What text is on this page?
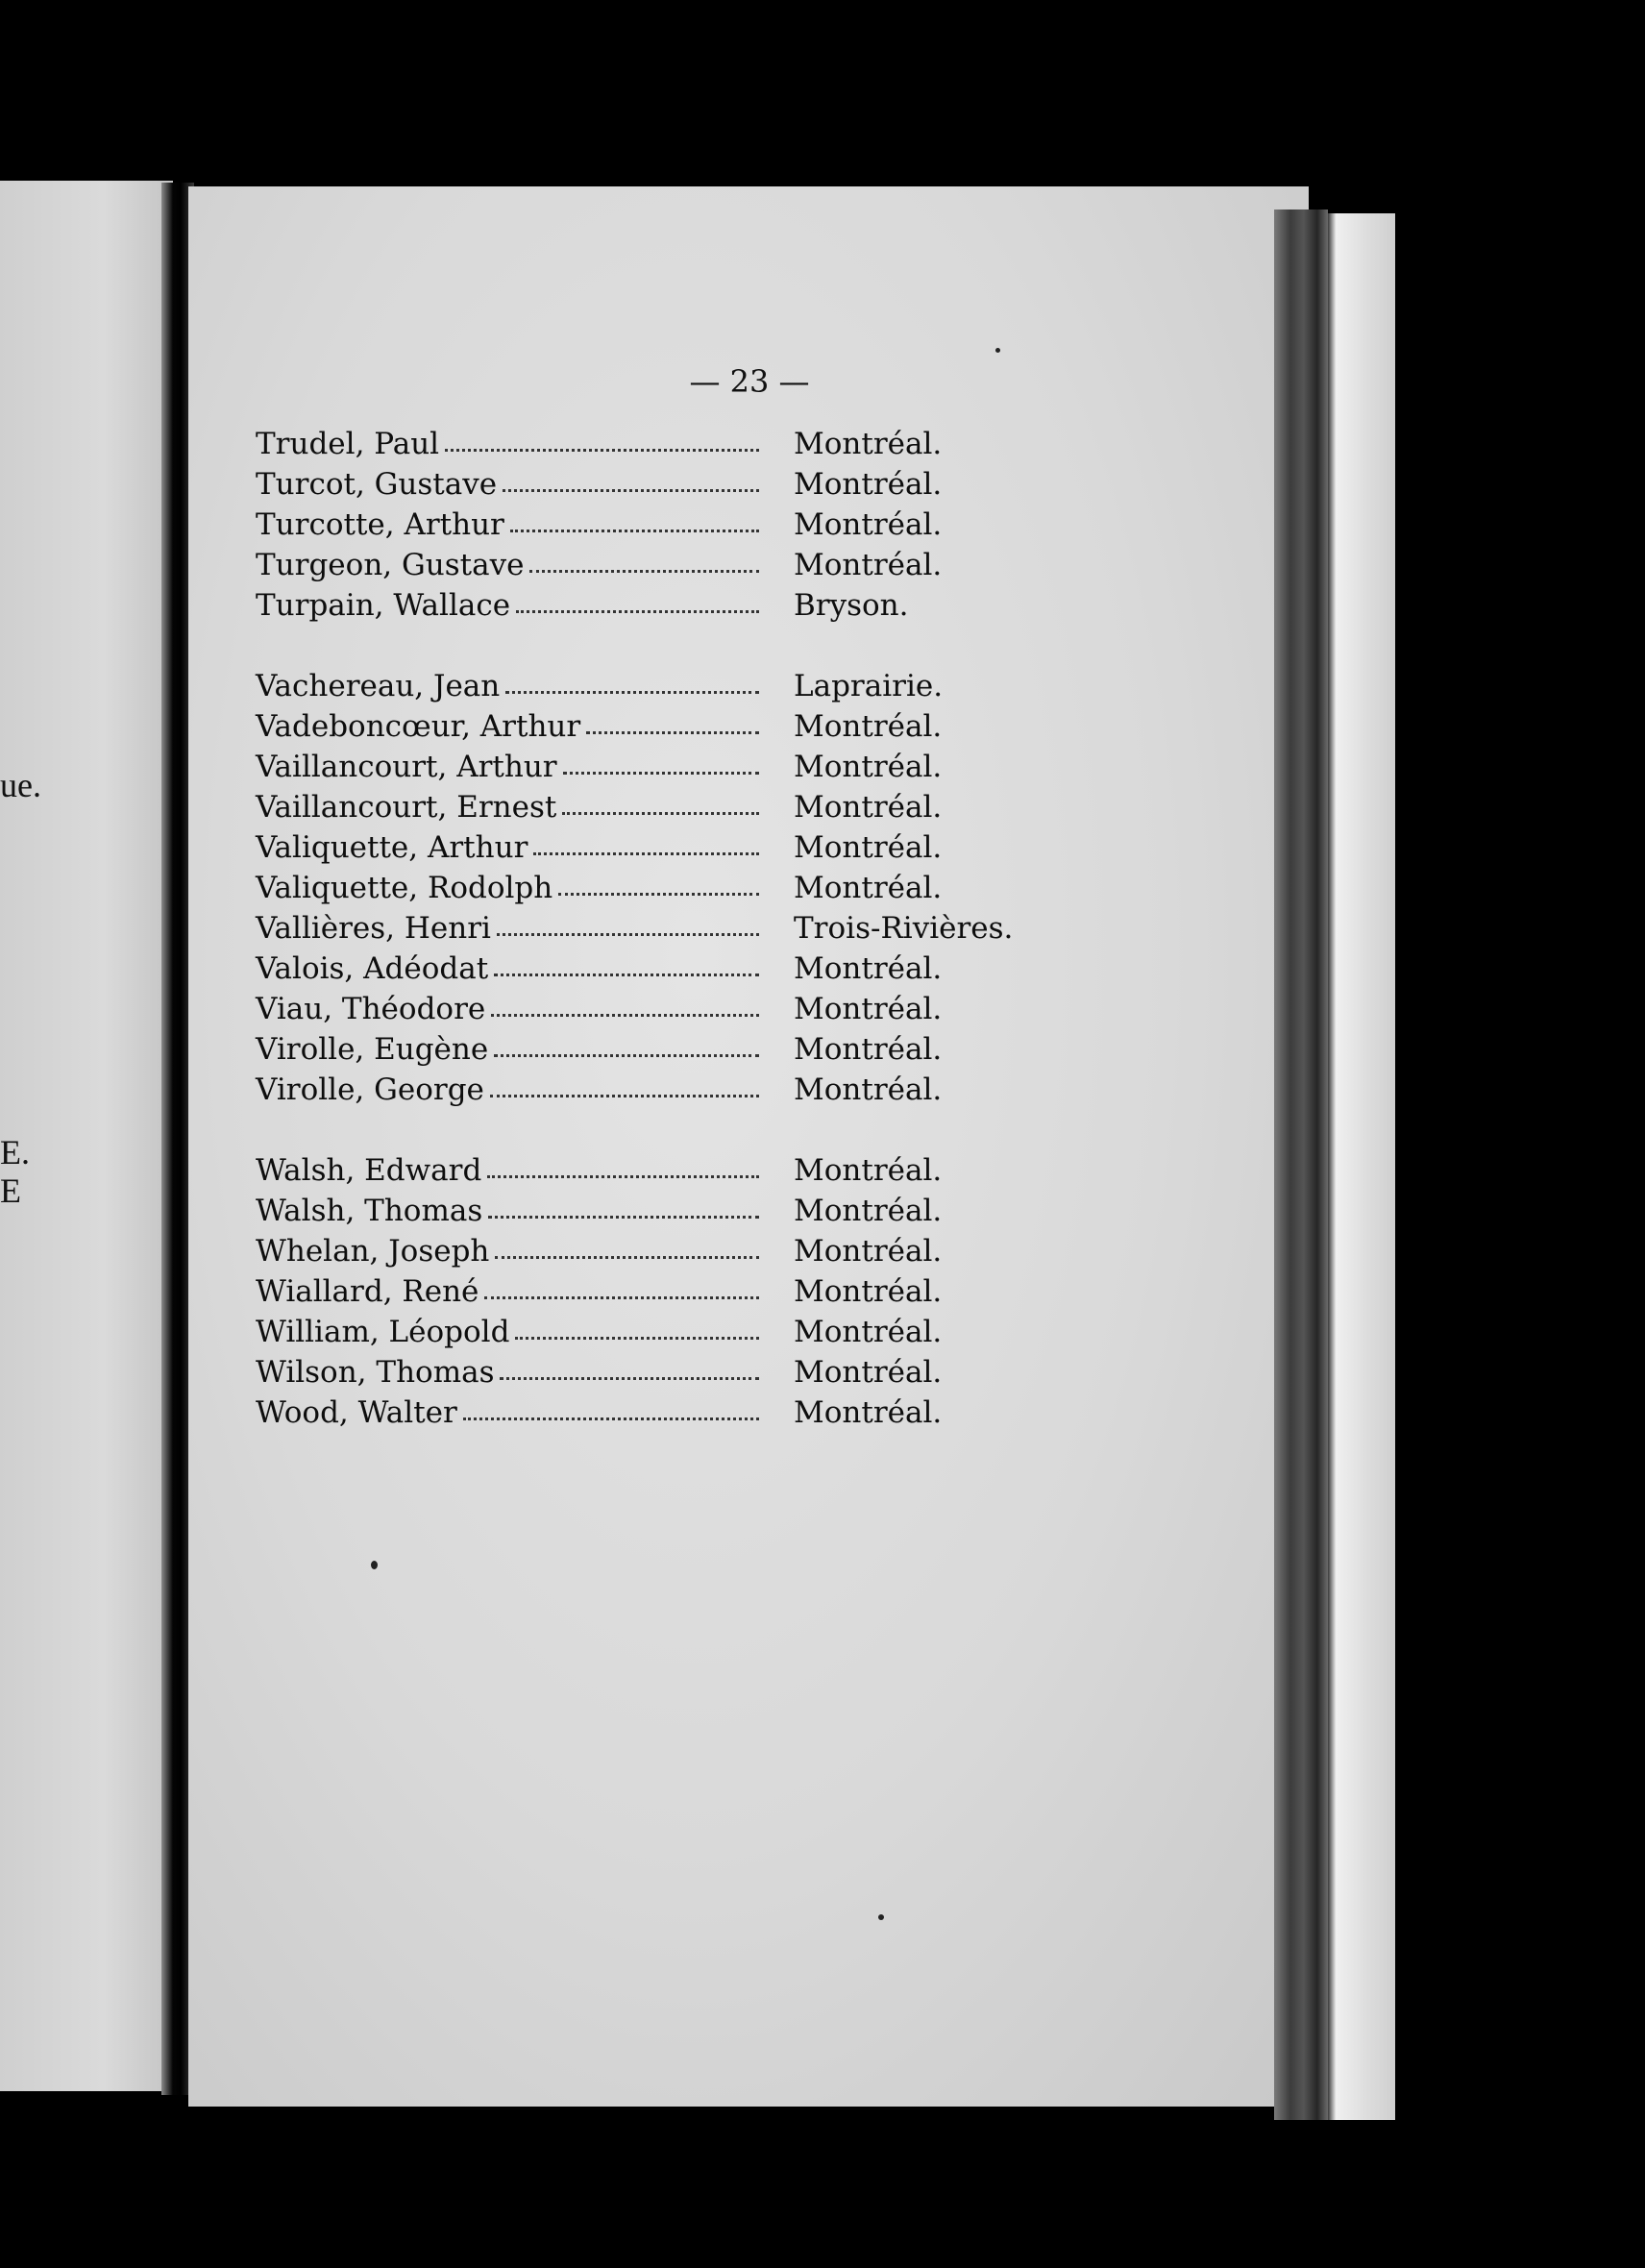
ue.
E.
E
— 23 —
Trudel, Paul	Montréal.
Turcot, Gustave	Montréal.
Turcotte, Arthur	Montréal.
Turgeon, Gustave	Montréal.
Turpain, Wallace	Bryson.
Vachereau, Jean	Laprairie.
Vadeboncœur, Arthur	Montréal.
Vaillancourt, Arthur	Montréal.
Vaillancourt, Ernest	Montréal.
Valiquette, Arthur	Montréal.
Valiquette, Rodolph	Montréal.
Vallières, Henri	Trois-Rivières.
Valois, Adéodat	Montréal.
Viau, Théodore	Montréal.
Virolle, Eugène	Montréal.
Virolle, George	Montréal.
Walsh, Edward	Montréal.
Walsh, Thomas	Montréal.
Whelan, Joseph	Montréal.
Wiallard, René	Montréal.
William, Léopold	Montréal.
Wilson, Thomas	Montréal.
Wood, Walter	Montréal.
